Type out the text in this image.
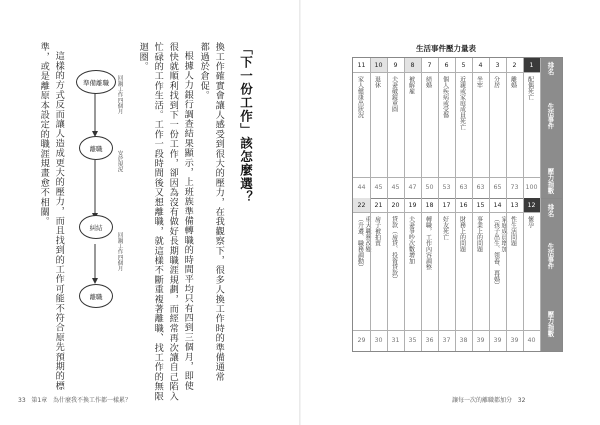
「下一份工作」該怎麼選？
換工作確實會讓人感受到很大的壓力，在我觀察下，很多人換工作時的準備通常
都過於倉促。
根據人力銀行調查結果顯示，上班族準備轉職的時間平均只有四到三個月，即使
很快就順利找到下一份工作，卻因為沒有做好長期職涯規劃，而經常再次讓自己陷入
忙碌的工作生活。工作一段時間後又想離職，就這樣不斷重複著離職、找工作的無限
迴圈。
這樣的方式反而讓人造成更大的壓力，而且找到的工作可能不符合原先預期的標
準，或是離原本設定的職涯規畫愈不相關。	準備離職
離職
糾結
離職
回鍋工作四個月
安於現況
回鍋工作四個月
33 第1章 為什麼我不換工作都一樣累？
生活事件壓力量表
排名
生活事件
壓力指數
排名
生活事件
壓力指數
1
配偶死亡
100
2
離婚
73
3
分居
65
4
坐牢
63
5
近親或家庭成員死亡
63
6
個人疾病或受傷
53
7
結婚
50
8
被解雇
47
9
夫妻破鏡重圓
45
10
退休
45
11
家人健康出狀況
44
12
懷孕
40
13
性生活問題
39
14
家庭成員增加
（孩子出生、領養、再婚）
39
15
事業上的問題
39
16
財務上的問題
38
17
好友死亡
37
18
轉職，工作內容調整
36
19
夫妻爭吵次數增加
35
20
貸款（房貸、投資貸款）
31
21
房子被拍賣
30
22
重大職務改變
（升遷、職務調動）
29
讓每一次的離職都加分 32
